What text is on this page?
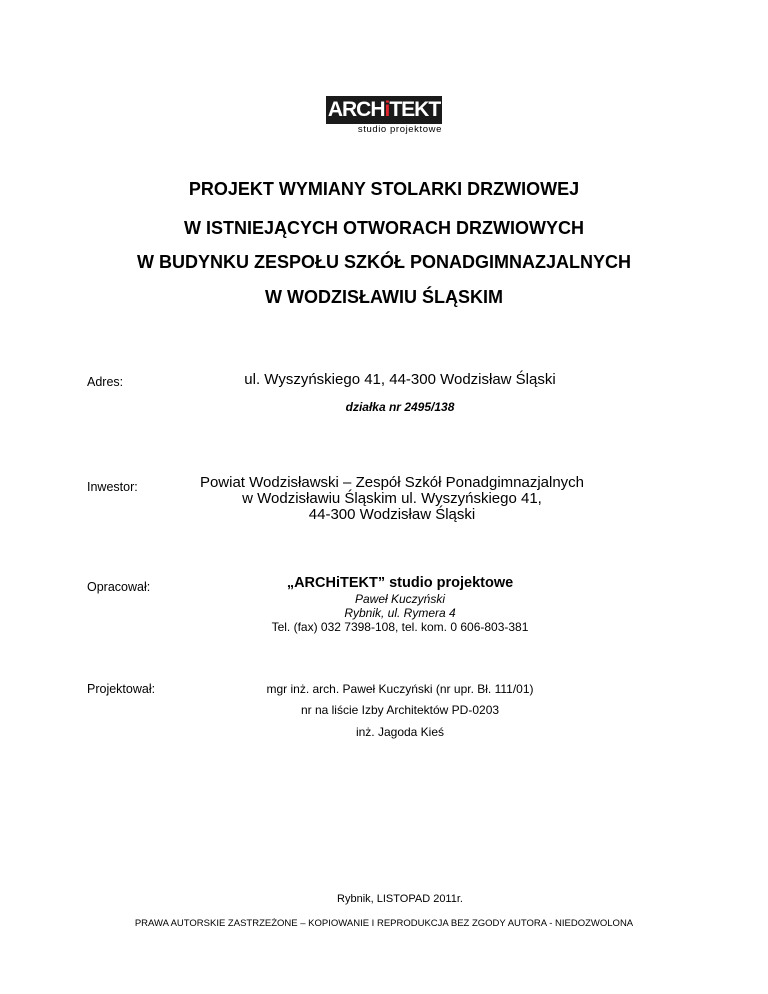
ARCHiTEKT
studio projektowe
PROJEKT WYMIANY STOLARKI DRZWIOWEJ
W ISTNIEJĄCYCH OTWORACH DRZWIOWYCH
W BUDYNKU ZESPOŁU SZKÓŁ PONADGIMNAZJALNYCH
W WODZISŁAWIU ŚLĄSKIM
Adres:	ul. Wyszyńskiego 41, 44-300 Wodzisław Śląski
działka nr 2495/138
Inwestor:	Powiat Wodzisławski – Zespół Szkół Ponadgimnazjalnych
w Wodzisławiu Śląskim ul. Wyszyńskiego 41,
44-300 Wodzisław Śląski
Opracował:	„ARCHiTEKT” studio projektowe
Paweł Kuczyński
Rybnik, ul. Rymera 4
Tel. (fax) 032 7398-108, tel. kom. 0 606-803-381
Projektował:	mgr inż. arch. Paweł Kuczyński (nr upr. Bł. 111/01)
nr na liście Izby Architektów PD-0203
inż. Jagoda Kieś
Rybnik, LISTOPAD 2011r.
PRAWA AUTORSKIE ZASTRZEŻONE – KOPIOWANIE I REPRODUKCJA BEZ ZGODY AUTORA - NIEDOZWOLONA
